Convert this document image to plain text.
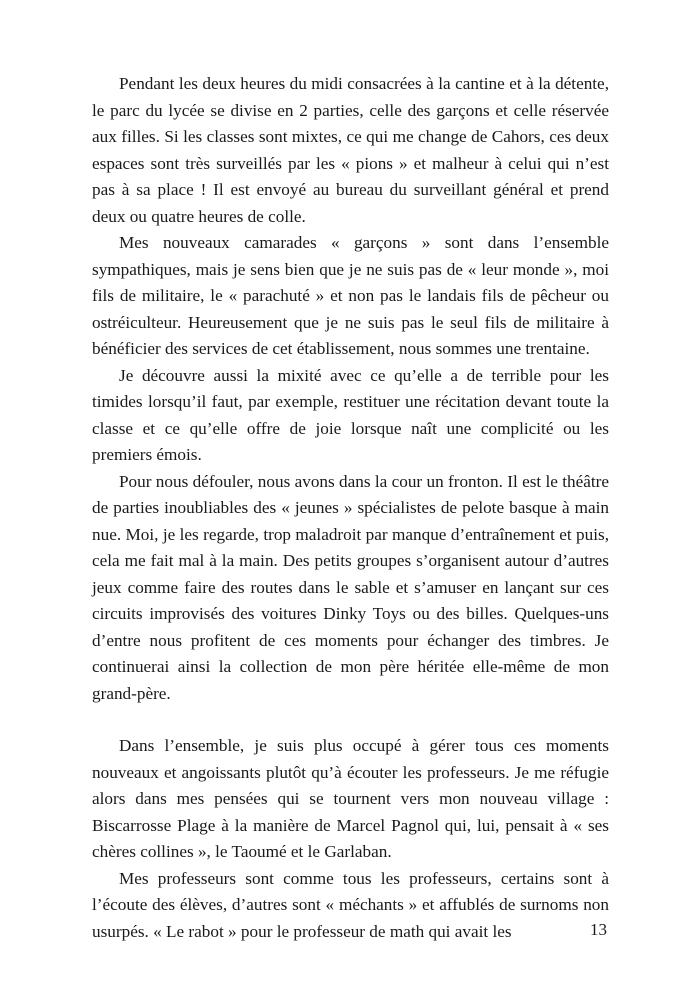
Pendant les deux heures du midi consacrées à la cantine et à la détente, le parc du lycée se divise en 2 parties, celle des garçons et celle réservée aux filles. Si les classes sont mixtes, ce qui me change de Cahors, ces deux espaces sont très surveillés par les « pions » et malheur à celui qui n’est pas à sa place ! Il est envoyé au bureau du surveillant général et prend deux ou quatre heures de colle.

Mes nouveaux camarades « garçons » sont dans l’ensemble sympathiques, mais je sens bien que je ne suis pas de « leur monde », moi fils de militaire, le « parachuté » et non pas le landais fils de pêcheur ou ostréiculteur. Heureusement que je ne suis pas le seul fils de militaire à bénéficier des services de cet établissement, nous sommes une trentaine.

Je découvre aussi la mixité avec ce qu’elle a de terrible pour les timides lorsqu’il faut, par exemple, restituer une récitation devant toute la classe et ce qu’elle offre de joie lorsque naît une complicité ou les premiers émois.

Pour nous défouler, nous avons dans la cour un fronton. Il est le théâtre de parties inoubliables des « jeunes » spécialistes de pelote basque à main nue. Moi, je les regarde, trop maladroit par manque d’entraînement et puis, cela me fait mal à la main. Des petits groupes s’organisent autour d’autres jeux comme faire des routes dans le sable et s’amuser en lançant sur ces circuits improvisés des voitures Dinky Toys ou des billes. Quelques-uns d’entre nous profitent de ces moments pour échanger des timbres. Je continuerai ainsi la collection de mon père héritée elle-même de mon grand-père.

Dans l’ensemble, je suis plus occupé à gérer tous ces moments nouveaux et angoissants plutôt qu’à écouter les professeurs. Je me réfugie alors dans mes pensées qui se tournent vers mon nouveau village : Biscarrosse Plage à la manière de Marcel Pagnol qui, lui, pensait à « ses chères collines », le Taoumé et le Garlaban.

Mes professeurs sont comme tous les professeurs, certains sont à l’écoute des élèves, d’autres sont « méchants » et affublés de surnoms non usurpés. « Le rabot » pour le professeur de math qui avait les	13
